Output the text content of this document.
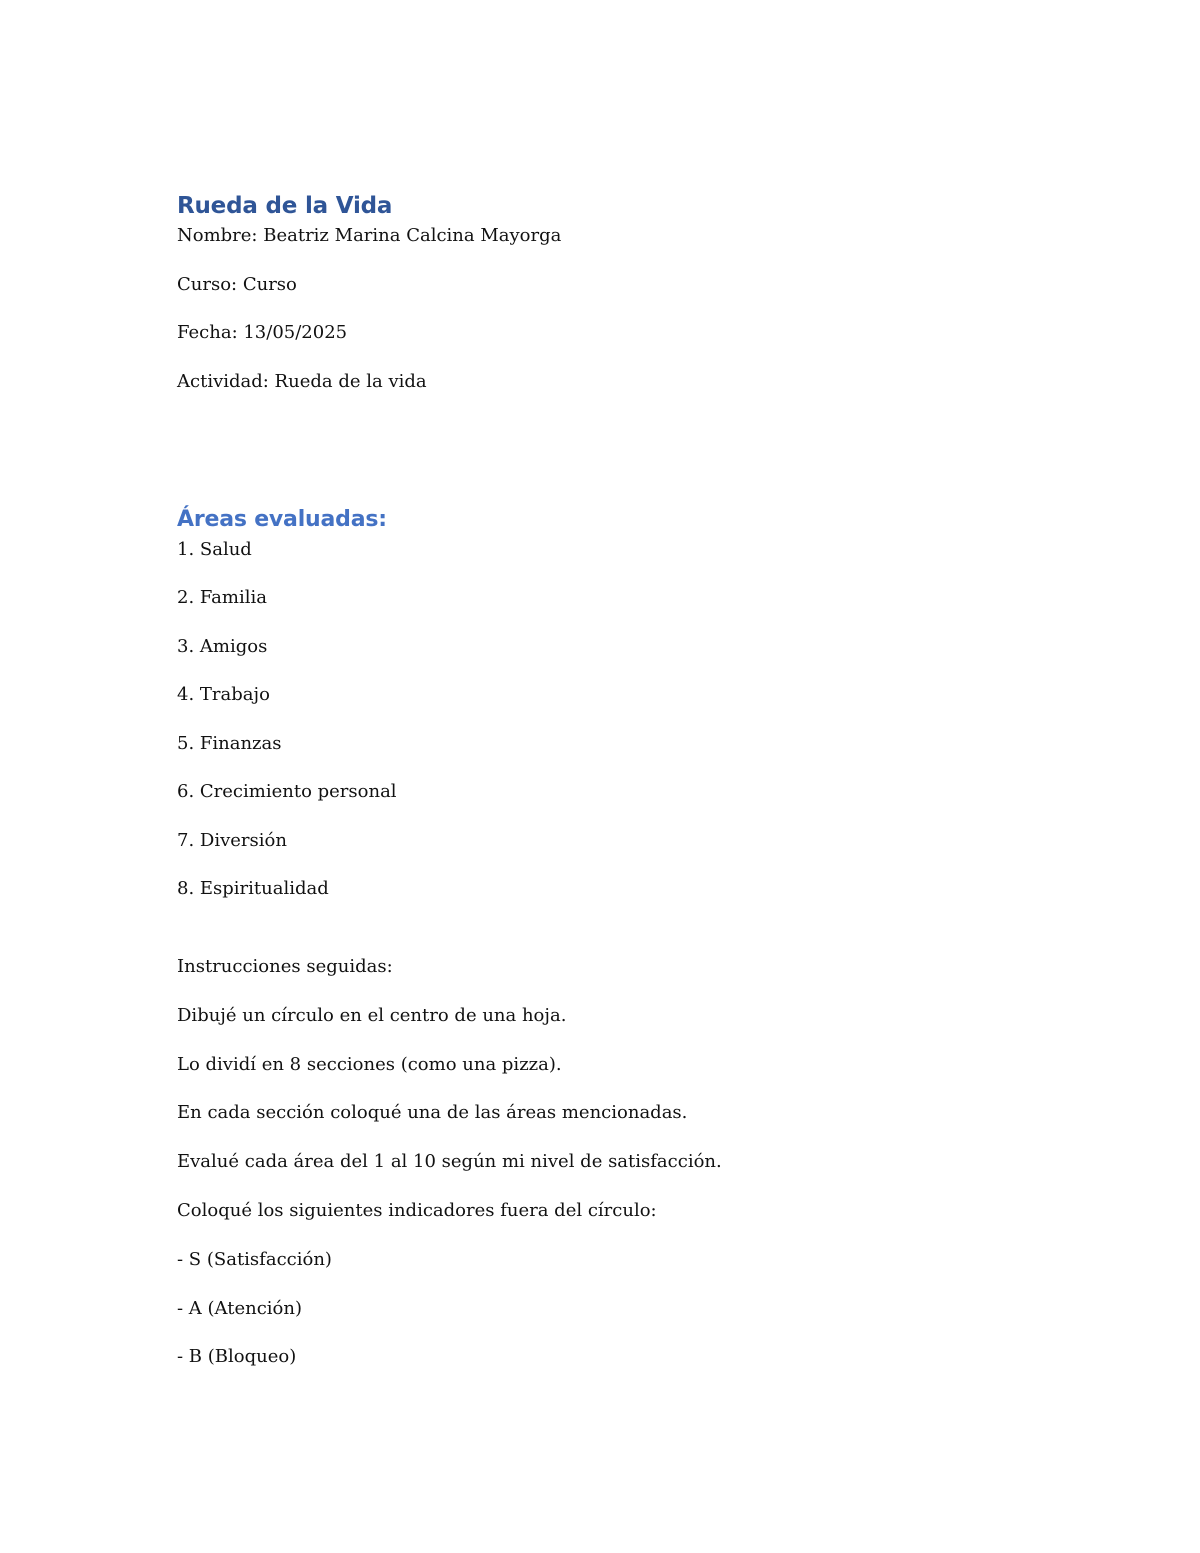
Rueda de la Vida

Nombre: Beatriz Marina Calcina Mayorga

Curso: Curso

Fecha: 13/05/2025

Actividad: Rueda de la vida

Áreas evaluadas:

1. Salud

2. Familia

3. Amigos

4. Trabajo

5. Finanzas

6. Crecimiento personal

7. Diversión

8. Espiritualidad

Instrucciones seguidas:

Dibujé un círculo en el centro de una hoja.

Lo dividí en 8 secciones (como una pizza).

En cada sección coloqué una de las áreas mencionadas.

Evalué cada área del 1 al 10 según mi nivel de satisfacción.

Coloqué los siguientes indicadores fuera del círculo:

- S (Satisfacción)

- A (Atención)

- B (Bloqueo)
